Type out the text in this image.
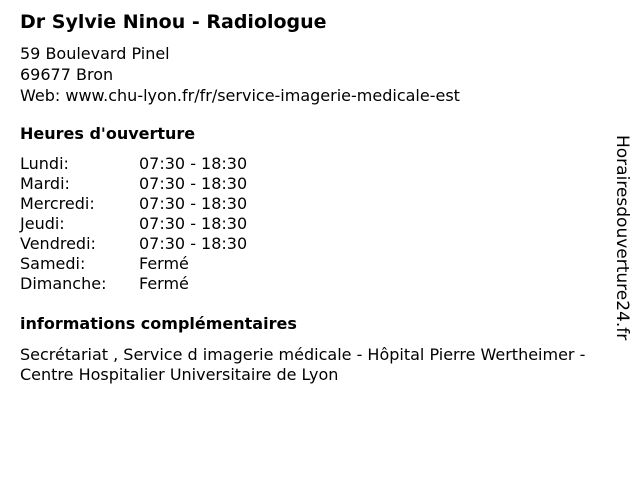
Dr Sylvie Ninou - Radiologue
59 Boulevard Pinel
69677 Bron
Web: www.chu-lyon.fr/fr/service-imagerie-medicale-est
Heures d'ouverture
Lundi:	07:30 - 18:30
Mardi:	07:30 - 18:30
Mercredi:	07:30 - 18:30
Jeudi:	07:30 - 18:30
Vendredi:	07:30 - 18:30
Samedi:	Fermé
Dimanche: Fermé
informations complémentaires
Secrétariat , Service d imagerie médicale - Hôpital Pierre Wertheimer - Centre Hospitalier Universitaire de Lyon
Horairesdouverture24.fr
